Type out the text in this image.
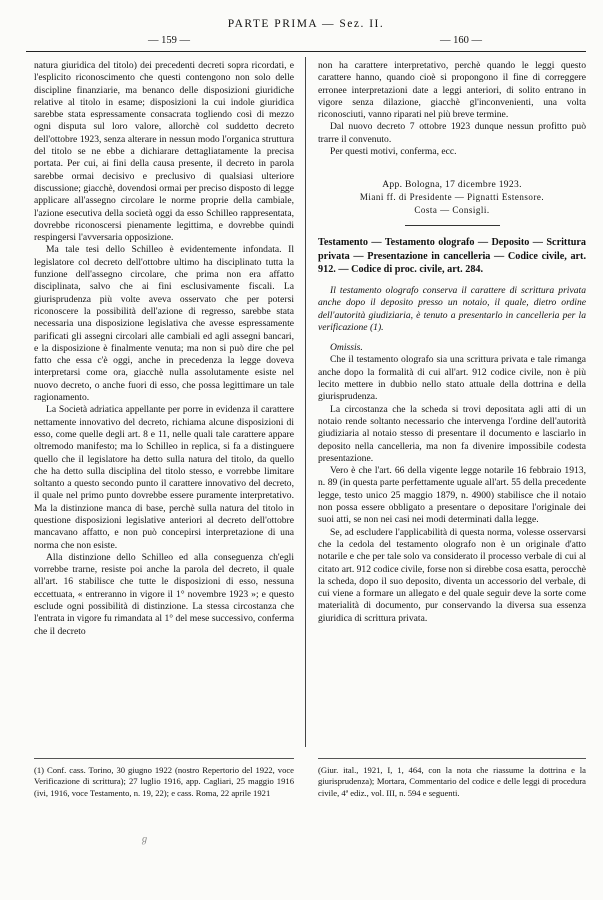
PARTE PRIMA — Sez. II.
— 159 —	— 160 —

natura giuridica del titolo) dei precedenti decreti sopra ricordati, e l'esplicito riconoscimento che questi contengono non solo delle discipline finanziarie, ma benanco delle disposizioni giuridiche relative al titolo in esame; disposizioni la cui indole giuridica sarebbe stata espressamente consacrata togliendo così di mezzo ogni disputa sul loro valore, allorchè col suddetto decreto dell'ottobre 1923, senza alterare in nessun modo l'organica struttura del titolo se ne ebbe a dichiarare dettagliatamente la precisa portata. Per cui, ai fini della causa presente, il decreto in parola sarebbe ormai decisivo e preclusivo di qualsiasi ulteriore discussione; giacchè, dovendosi ormai per preciso disposto di legge applicare all'assegno circolare le norme proprie della cambiale, l'azione esecutiva della società oggi da esso Schilleo rappresentata, dovrebbe riconoscersi pienamente legittima, e dovrebbe quindi respingersi l'avversaria opposizione.

Ma tale tesi dello Schilleo è evidentemente infondata. Il legislatore col decreto dell'ottobre ultimo ha disciplinato tutta la funzione dell'assegno circolare, che prima non era affatto disciplinata, salvo che ai fini esclusivamente fiscali. La giurisprudenza più volte aveva osservato che per potersi riconoscere la possibilità dell'azione di regresso, sarebbe stata necessaria una disposizione legislativa che avesse espressamente parificati gli assegni circolari alle cambiali ed agli assegni bancari, e la disposizione è finalmente venuta; ma non si può dire che pel fatto che essa c'è oggi, anche in precedenza la legge doveva interpretarsi come ora, giacchè nulla assolutamente esiste nel nuovo decreto, o anche fuori di esso, che possa legittimare un tale ragionamento.

La Società adriatica appellante per porre in evidenza il carattere nettamente innovativo del decreto, richiama alcune disposizioni di esso, come quelle degli art. 8 e 11, nelle quali tale carattere appare oltremodo manifesto; ma lo Schilleo in replica, si fa a distinguere quello che il legislatore ha detto sulla natura del titolo, da quello che ha detto sulla disciplina del titolo stesso, e vorrebbe limitare soltanto a questo secondo punto il carattere innovativo del decreto, il quale nel primo punto dovrebbe essere puramente interpretativo. Ma la distinzione manca di base, perchè sulla natura del titolo in questione disposizioni legislative anteriori al decreto dell'ottobre mancavano affatto, e non può concepirsi interpretazione di una norma che non esiste.

Alla distinzione dello Schilleo ed alla conseguenza ch'egli vorrebbe trarne, resiste poi anche la parola del decreto, il quale all'art. 16 stabilisce che tutte le disposizioni di esso, nessuna eccettuata, « entreranno in vigore il 1° novembre 1923 »; e questo esclude ogni possibilità di distinzione. La stessa circostanza che l'entrata in vigore fu rimandata al 1° del mese successivo, conferma che il decreto

non ha carattere interpretativo, perchè quando le leggi questo carattere hanno, quando cioè si propongono il fine di correggere erronee interpretazioni date a leggi anteriori, di solito entrano in vigore senza dilazione, giacchè gl'inconvenienti, una volta riconosciuti, vanno riparati nel più breve termine.

Dal nuovo decreto 7 ottobre 1923 dunque nessun profitto può trarre il convenuto.

Per questi motivi, conferma, ecc.

App. Bologna, 17 dicembre 1923.
Miani ff. di Presidente — Pignatti Estensore.
Costa — Consigli.

Testamento — Testamento olografo — Deposito — Scrittura privata — Presentazione in cancelleria — Codice civile, art. 912. — Codice di proc. civile, art. 284.

Il testamento olografo conserva il carattere di scrittura privata anche dopo il deposito presso un notaio, il quale, dietro ordine dell'autorità giudiziaria, è tenuto a presentarlo in cancelleria per la verificazione (1).

Omissis.

Che il testamento olografo sia una scrittura privata e tale rimanga anche dopo la formalità di cui all'art. 912 codice civile, non è più lecito mettere in dubbio nello stato attuale della dottrina e della giurisprudenza.

La circostanza che la scheda si trovi depositata agli atti di un notaio rende soltanto necessario che intervenga l'ordine dell'autorità giudiziaria al notaio stesso di presentare il documento e lasciarlo in deposito nella cancelleria, ma non fa divenire impossibile codesta presentazione.

Vero è che l'art. 66 della vigente legge notarile 16 febbraio 1913, n. 89 (in questa parte perfettamente uguale all'art. 55 della precedente legge, testo unico 25 maggio 1879, n. 4900) stabilisce che il notaio non possa essere obbligato a presentare o depositare l'originale dei suoi atti, se non nei casi nei modi determinati dalla legge.

Se, ad escludere l'applicabilità di questa norma, volesse osservarsi che la cedola del testamento olografo non è un originale d'atto notarile e che per tale solo va considerato il processo verbale di cui al citato art. 912 codice civile, forse non si direbbe cosa esatta, perocchè la scheda, dopo il suo deposito, diventa un accessorio del verbale, di cui viene a formare un allegato e del quale seguir deve la sorte come materialità di documento, pur conservando la diversa sua essenza giuridica di scrittura privata.

(1) Conf. cass. Torino, 30 giugno 1922 (nostro Repertorio del 1922, voce Verificazione di scrittura); 27 luglio 1916, app. Cagliari, 25 maggio 1916 (ivi, 1916, voce Testamento, n. 19, 22); e cass. Roma, 22 aprile 1921

(Giur. ital., 1921, I, 1, 464, con la nota che riassume la dottrina e la giurisprudenza); Mortara, Commentario del codice e delle leggi di procedura civile, 4ª ediz., vol. III, n. 594 e seguenti.

ℊ
